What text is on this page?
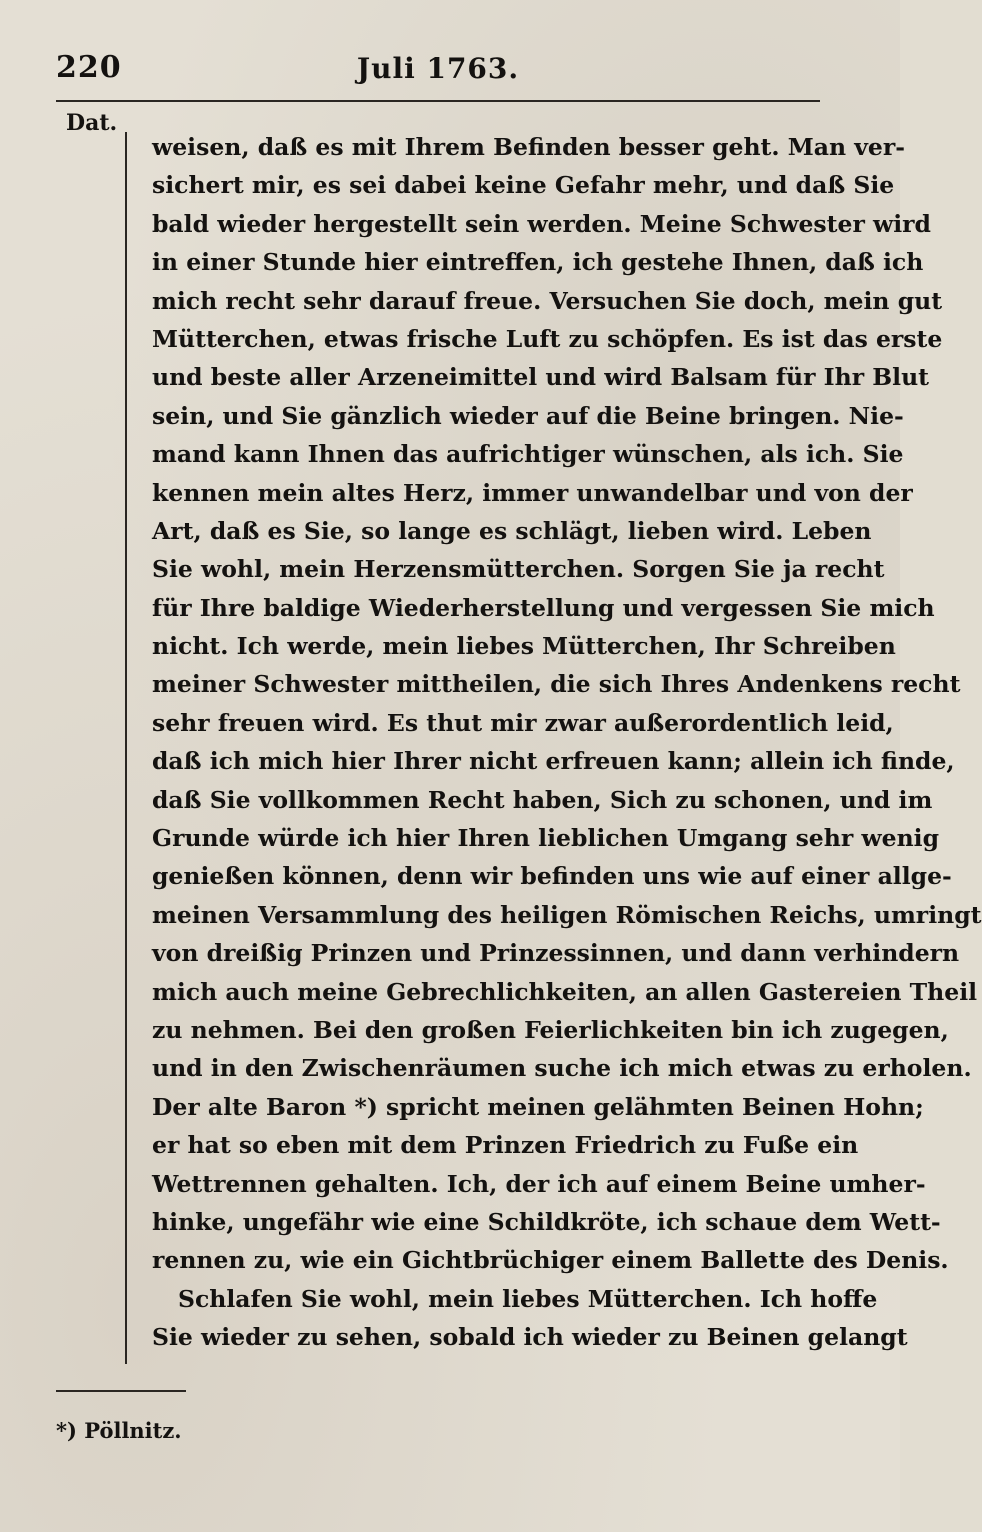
220	Juli 1763.
Dat.
weisen, daß es mit Ihrem Befinden besser geht. Man ver-
sichert mir, es sei dabei keine Gefahr mehr, und daß Sie
bald wieder hergestellt sein werden. Meine Schwester wird
in einer Stunde hier eintreffen, ich gestehe Ihnen, daß ich
mich recht sehr darauf freue. Versuchen Sie doch, mein gut
Mütterchen, etwas frische Luft zu schöpfen. Es ist das erste
und beste aller Arzeneimittel und wird Balsam für Ihr Blut
sein, und Sie gänzlich wieder auf die Beine bringen. Nie-
mand kann Ihnen das aufrichtiger wünschen, als ich. Sie
kennen mein altes Herz, immer unwandelbar und von der
Art, daß es Sie, so lange es schlägt, lieben wird. Leben
Sie wohl, mein Herzensmütterchen. Sorgen Sie ja recht
für Ihre baldige Wiederherstellung und vergessen Sie mich
nicht. Ich werde, mein liebes Mütterchen, Ihr Schreiben
meiner Schwester mittheilen, die sich Ihres Andenkens recht
sehr freuen wird. Es thut mir zwar außerordentlich leid,
daß ich mich hier Ihrer nicht erfreuen kann; allein ich finde,
daß Sie vollkommen Recht haben, Sich zu schonen, und im
Grunde würde ich hier Ihren lieblichen Umgang sehr wenig
genießen können, denn wir befinden uns wie auf einer allge-
meinen Versammlung des heiligen Römischen Reichs, umringt
von dreißig Prinzen und Prinzessinnen, und dann verhindern
mich auch meine Gebrechlichkeiten, an allen Gastereien Theil
zu nehmen. Bei den großen Feierlichkeiten bin ich zugegen,
und in den Zwischenräumen suche ich mich etwas zu erholen.
Der alte Baron *) spricht meinen gelähmten Beinen Hohn;
er hat so eben mit dem Prinzen Friedrich zu Fuße ein
Wettrennen gehalten. Ich, der ich auf einem Beine umher-
hinke, ungefähr wie eine Schildkröte, ich schaue dem Wett-
rennen zu, wie ein Gichtbrüchiger einem Ballette des Denis.
Schlafen Sie wohl, mein liebes Mütterchen. Ich hoffe
Sie wieder zu sehen, sobald ich wieder zu Beinen gelangt
*) Pöllnitz.
